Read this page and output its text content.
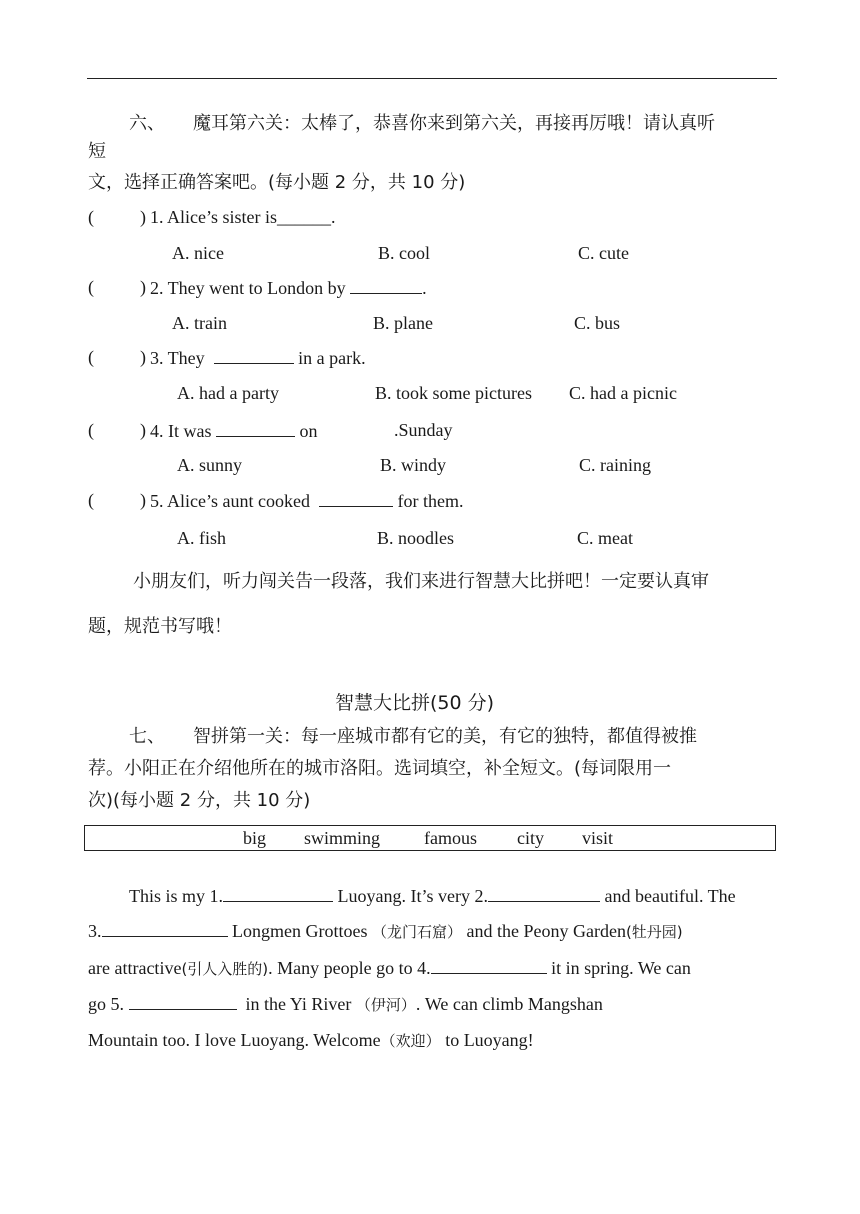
六、 魔耳第六关：太棒了，恭喜你来到第六关，再接再厉哦！请认真听
短
文，选择正确答案吧。(每小题 2 分，共 10 分)
(	) 1. Alice’s sister is______.
A. nice	B. cool	C. cute
(	) 2. They went to London by	.
A. train	B. plane	C. bus
(	) 3. They	in a park.
A. had a party	B. took some pictures C. had a picnic
(	) 4. It was	on	.Sunday
A. sunny	B. windy	C. raining
(	) 5. Alice’s aunt cooked	for them.
A. fish	B. noodles	C. meat
小朋友们，听力闯关告一段落，我们来进行智慧大比拼吧！一定要认真审
题，规范书写哦！
智慧大比拼(50 分)
七、 智拼第一关：每一座城市都有它的美，有它的独特，都值得被推
荐。小阳正在介绍他所在的城市洛阳。选词填空，补全短文。(每词限用一
次)(每小题 2 分，共 10 分)
big swimming famous city visit
This is my 1.	Luoyang. It’s very 2.	and beautiful. The
3.	Longmen Grottoes （龙门石窟） and the Peony Garden(牡丹园)
are attractive(引人入胜的). Many people go to 4.	it in spring. We can
go 5.	in the Yi River （伊河）. We can climb Mangshan
Mountain too. I love Luoyang. Welcome（欢迎） to Luoyang!
